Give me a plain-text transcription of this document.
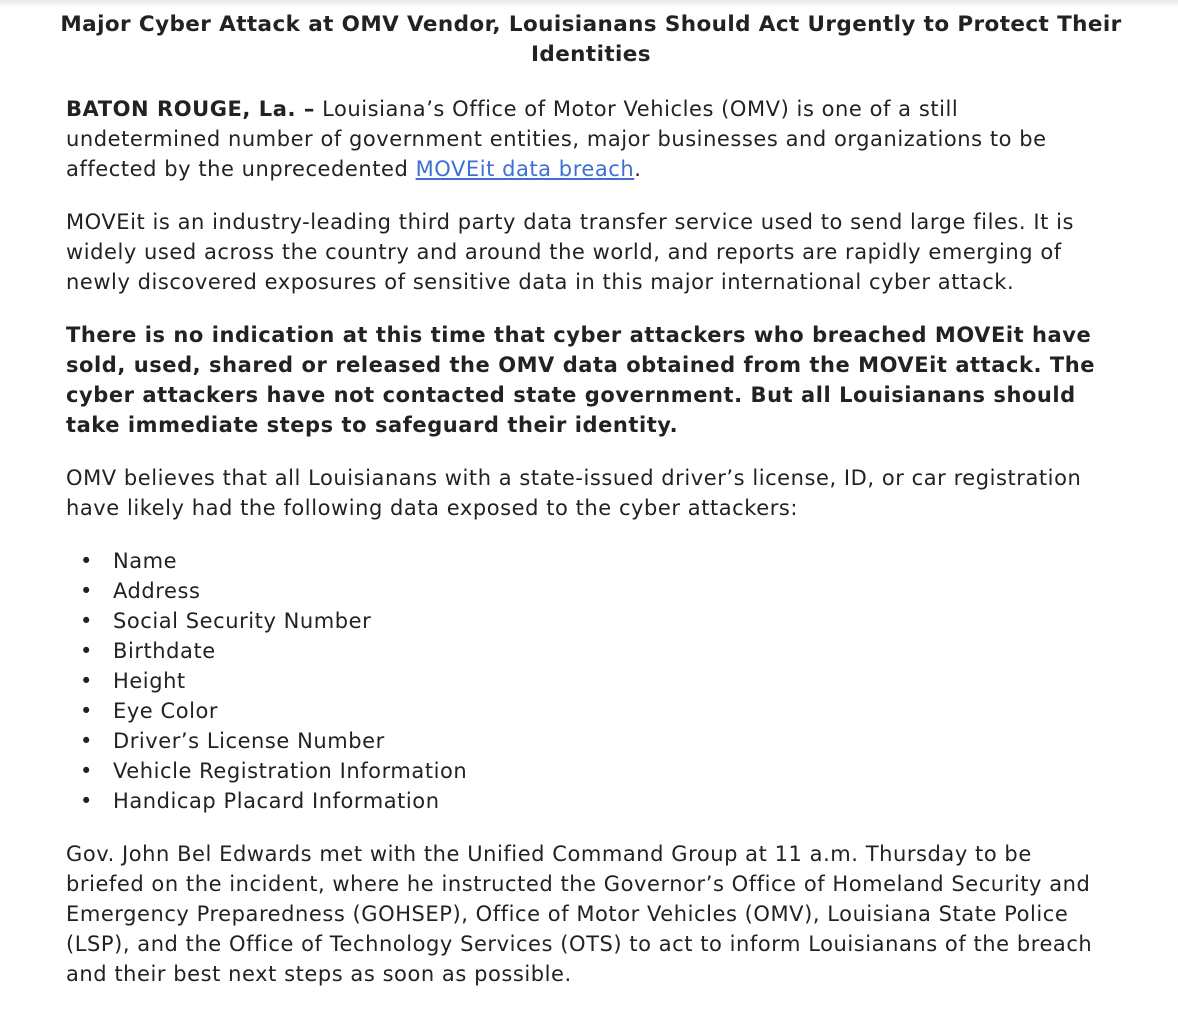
Major Cyber Attack at OMV Vendor, Louisianans Should Act Urgently to Protect Their Identities

BATON ROUGE, La. – Louisiana’s Office of Motor Vehicles (OMV) is one of a still undetermined number of government entities, major businesses and organizations to be affected by the unprecedented MOVEit data breach.

MOVEit is an industry-leading third party data transfer service used to send large files. It is widely used across the country and around the world, and reports are rapidly emerging of newly discovered exposures of sensitive data in this major international cyber attack.

There is no indication at this time that cyber attackers who breached MOVEit have sold, used, shared or released the OMV data obtained from the MOVEit attack. The cyber attackers have not contacted state government. But all Louisianans should take immediate steps to safeguard their identity.

OMV believes that all Louisianans with a state-issued driver’s license, ID, or car registration have likely had the following data exposed to the cyber attackers:

• Name
• Address
• Social Security Number
• Birthdate
• Height
• Eye Color
• Driver’s License Number
• Vehicle Registration Information
• Handicap Placard Information

Gov. John Bel Edwards met with the Unified Command Group at 11 a.m. Thursday to be briefed on the incident, where he instructed the Governor’s Office of Homeland Security and Emergency Preparedness (GOHSEP), Office of Motor Vehicles (OMV), Louisiana State Police (LSP), and the Office of Technology Services (OTS) to act to inform Louisianans of the breach and their best next steps as soon as possible.
